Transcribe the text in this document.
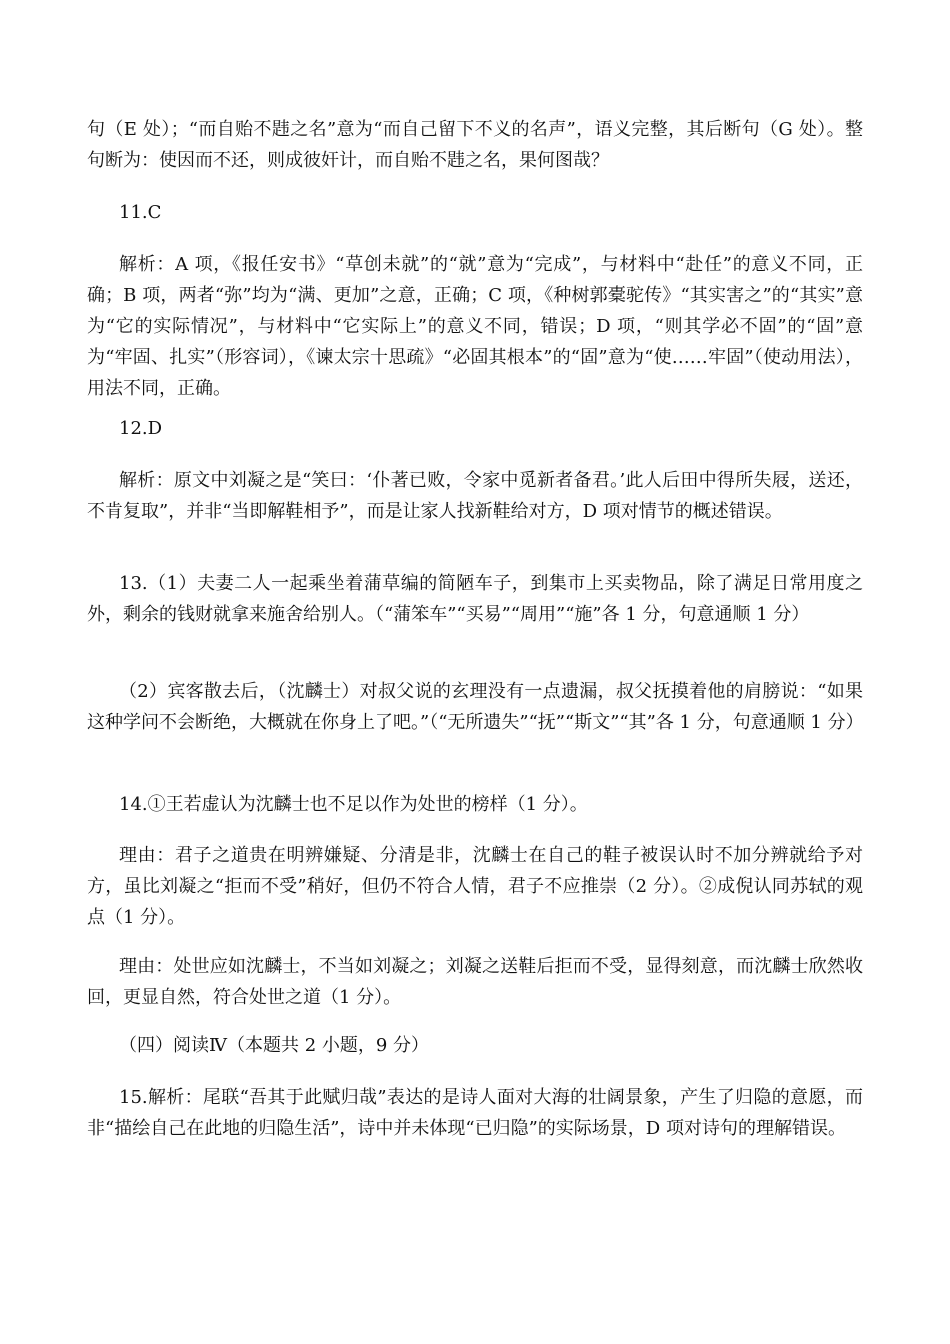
句（E 处）；“而自贻不韪之名”意为“而自己留下不义的名声”，语义完整，其后断句（G 处）。整句断为：使因而不还，则成彼奸计，而自贻不韪之名，果何图哉？

11.C

解析：A 项，《报任安书》“草创未就”的“就”意为“完成”，与材料中“赴任”的意义不同，正确；B 项，两者“弥”均为“满、更加”之意，正确；C 项，《种树郭橐驼传》“其实害之”的“其实”意为“它的实际情况”，与材料中“它实际上”的意义不同，错误；D 项，“则其学必不固”的“固”意为“牢固、扎实”（形容词），《谏太宗十思疏》“必固其根本”的“固”意为“使……牢固”（使动用法），用法不同，正确。

12.D

解析：原文中刘凝之是“笑曰：‘仆著已败，令家中觅新者备君。’此人后田中得所失屐，送还，不肯复取”，并非“当即解鞋相予”，而是让家人找新鞋给对方，D 项对情节的概述错误。

13.（1）夫妻二人一起乘坐着蒲草编的简陋车子，到集市上买卖物品，除了满足日常用度之外，剩余的钱财就拿来施舍给别人。（“蒲笨车”“买易”“周用”“施”各 1 分，句意通顺 1 分）

（2）宾客散去后，（沈麟士）对叔父说的玄理没有一点遗漏，叔父抚摸着他的肩膀说：“如果这种学问不会断绝，大概就在你身上了吧。”（“无所遗失”“抚”“斯文”“其”各 1 分，句意通顺 1 分）

14.①王若虚认为沈麟士也不足以作为处世的榜样（1 分）。

理由：君子之道贵在明辨嫌疑、分清是非，沈麟士在自己的鞋子被误认时不加分辨就给予对方，虽比刘凝之“拒而不受”稍好，但仍不符合人情，君子不应推崇（2 分）。②成倪认同苏轼的观点（1 分）。

理由：处世应如沈麟士，不当如刘凝之；刘凝之送鞋后拒而不受，显得刻意，而沈麟士欣然收回，更显自然，符合处世之道（1 分）。

（四）阅读Ⅳ（本题共 2 小题，9 分）

15.解析：尾联“吾其于此赋归哉”表达的是诗人面对大海的壮阔景象，产生了归隐的意愿，而非“描绘自己在此地的归隐生活”，诗中并未体现“已归隐”的实际场景，D 项对诗句的理解错误。
